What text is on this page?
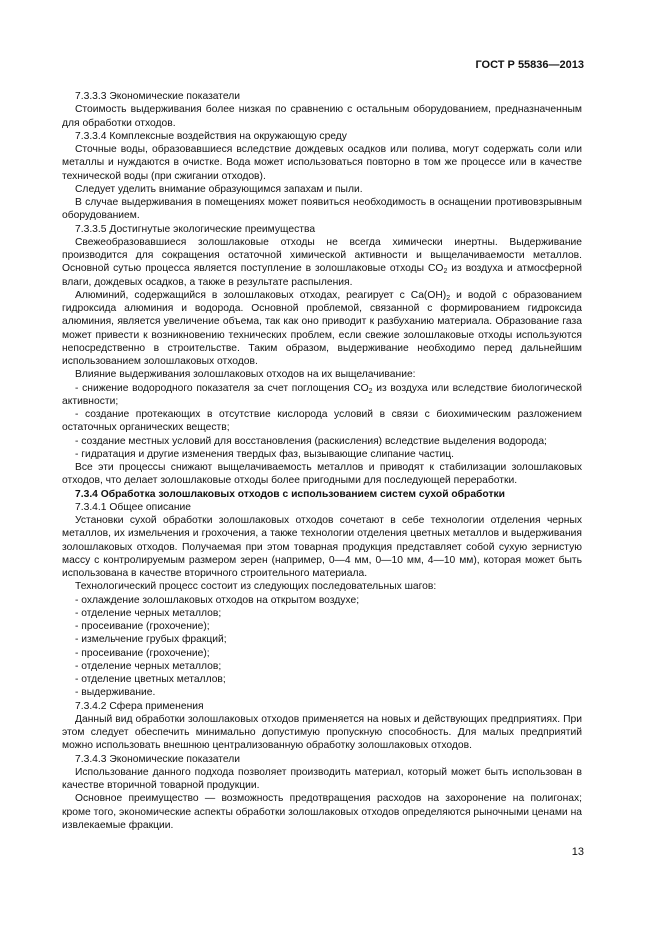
ГОСТ Р 55836—2013

7.3.3.3 Экономические показатели

Стоимость выдерживания более низкая по сравнению с остальным оборудованием, предназначенным для обработки отходов.

7.3.3.4 Комплексные воздействия на окружающую среду

Сточные воды, образовавшиеся вследствие дождевых осадков или полива, могут содержать соли или металлы и нуждаются в очистке. Вода может использоваться повторно в том же процессе или в качестве технической воды (при сжигании отходов).

Следует уделить внимание образующимся запахам и пыли.

В случае выдерживания в помещениях может появиться необходимость в оснащении противовзрывным оборудованием.

7.3.3.5 Достигнутые экологические преимущества

Свежеобразовавшиеся золошлаковые отходы не всегда химически инертны. Выдерживание производится для сокращения остаточной химической активности и выщелачиваемости металлов. Основной сутью процесса является поступление в золошлаковые отходы $CO_2$ из воздуха и атмосферной влаги, дождевых осадков, а также в результате распыления.

Алюминий, содержащийся в золошлаковых отходах, реагирует с $Ca(OH)_2$ и водой с образованием гидроксида алюминия и водорода. Основной проблемой, связанной с формированием гидроксида алюминия, является увеличение объема, так как оно приводит к разбуханию материала. Образование газа может привести к возникновению технических проблем, если свежие золошлаковые отходы используются непосредственно в строительстве. Таким образом, выдерживание необходимо перед дальнейшим использованием золошлаковых отходов.

Влияние выдерживания золошлаковых отходов на их выщелачивание:

- снижение водородного показателя за счет поглощения $CO_2$ из воздуха или вследствие биологической активности;

- создание протекающих в отсутствие кислорода условий в связи с биохимическим разложением остаточных органических веществ;

- создание местных условий для восстановления (раскисления) вследствие выделения водорода;

- гидратация и другие изменения твердых фаз, вызывающие слипание частиц.

Все эти процессы снижают выщелачиваемость металлов и приводят к стабилизации золошлаковых отходов, что делает золошлаковые отходы более пригодными для последующей переработки.

7.3.4 Обработка золошлаковых отходов с использованием систем сухой обработки

7.3.4.1 Общее описание

Установки сухой обработки золошлаковых отходов сочетают в себе технологии отделения черных металлов, их измельчения и грохочения, а также технологии отделения цветных металлов и выдерживания золошлаковых отходов. Получаемая при этом товарная продукция представляет собой сухую зернистую массу с контролируемым размером зерен (например, 0—4 мм, 0—10 мм, 4—10 мм), которая может быть использована в качестве вторичного строительного материала.

Технологический процесс состоит из следующих последовательных шагов:

- охлаждение золошлаковых отходов на открытом воздухе;

- отделение черных металлов;

- просеивание (грохочение);

- измельчение грубых фракций;

- просеивание (грохочение);

- отделение черных металлов;

- отделение цветных металлов;

- выдерживание.

7.3.4.2 Сфера применения

Данный вид обработки золошлаковых отходов применяется на новых и действующих предприятиях. При этом следует обеспечить минимально допустимую пропускную способность. Для малых предприятий можно использовать внешнюю централизованную обработку золошлаковых отходов.

7.3.4.3 Экономические показатели

Использование данного подхода позволяет производить материал, который может быть использован в качестве вторичной товарной продукции.

Основное преимущество — возможность предотвращения расходов на захоронение на полигонах; кроме того, экономические аспекты обработки золошлаковых отходов определяются рыночными ценами на извлекаемые фракции.

13
